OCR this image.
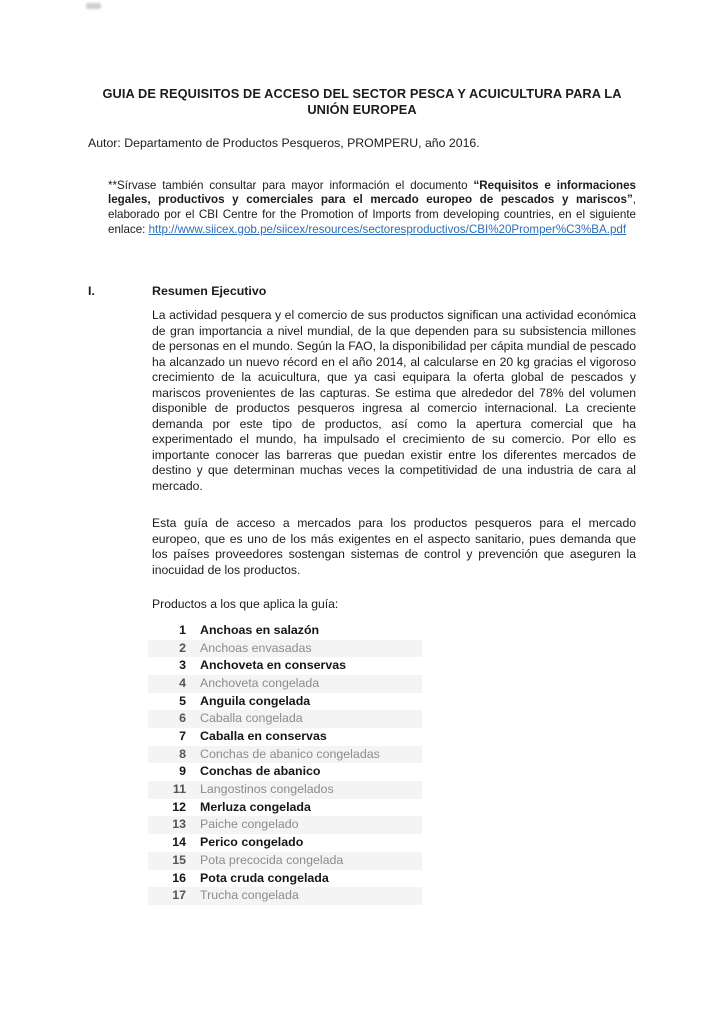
GUIA DE REQUISITOS DE ACCESO DEL SECTOR PESCA Y ACUICULTURA PARA LA
UNIÓN EUROPEA
Autor: Departamento de Productos Pesqueros, PROMPERU, año 2016.
**Sírvase también consultar para mayor información el documento “Requisitos e informaciones legales, productivos y comerciales para el mercado europeo de pescados y mariscos”, elaborado por el CBI Centre for the Promotion of Imports from developing countries, en el siguiente enlace: http://www.siicex.gob.pe/siicex/resources/sectoresproductivos/CBI%20Promper%C3%BA.pdf
I.	Resumen Ejecutivo
La actividad pesquera y el comercio de sus productos significan una actividad económica de gran importancia a nivel mundial, de la que dependen para su subsistencia millones de personas en el mundo. Según la FAO, la disponibilidad per cápita mundial de pescado ha alcanzado un nuevo récord en el año 2014, al calcularse en 20 kg gracias el vigoroso crecimiento de la acuicultura, que ya casi equipara la oferta global de pescados y mariscos provenientes de las capturas. Se estima que alrededor del 78% del volumen disponible de productos pesqueros ingresa al comercio internacional. La creciente demanda por este tipo de productos, así como la apertura comercial que ha experimentado el mundo, ha impulsado el crecimiento de su comercio. Por ello es importante conocer las barreras que puedan existir entre los diferentes mercados de destino y que determinan muchas veces la competitividad de una industria de cara al mercado.
Esta guía de acceso a mercados para los productos pesqueros para el mercado europeo, que es uno de los más exigentes en el aspecto sanitario, pues demanda que los países proveedores sostengan sistemas de control y prevención que aseguren la inocuidad de los productos.
Productos a los que aplica la guía:
1	Anchoas en salazón
2	Anchoas envasadas
3	Anchoveta en conservas
4	Anchoveta congelada
5	Anguila congelada
6	Caballa congelada
7	Caballa en conservas
8	Conchas de abanico congeladas
9	Conchas de abanico
11	Langostinos congelados
12	Merluza congelada
13	Paiche congelado
14	Perico congelado
15	Pota precocida congelada
16	Pota cruda congelada
17	Trucha congelada
